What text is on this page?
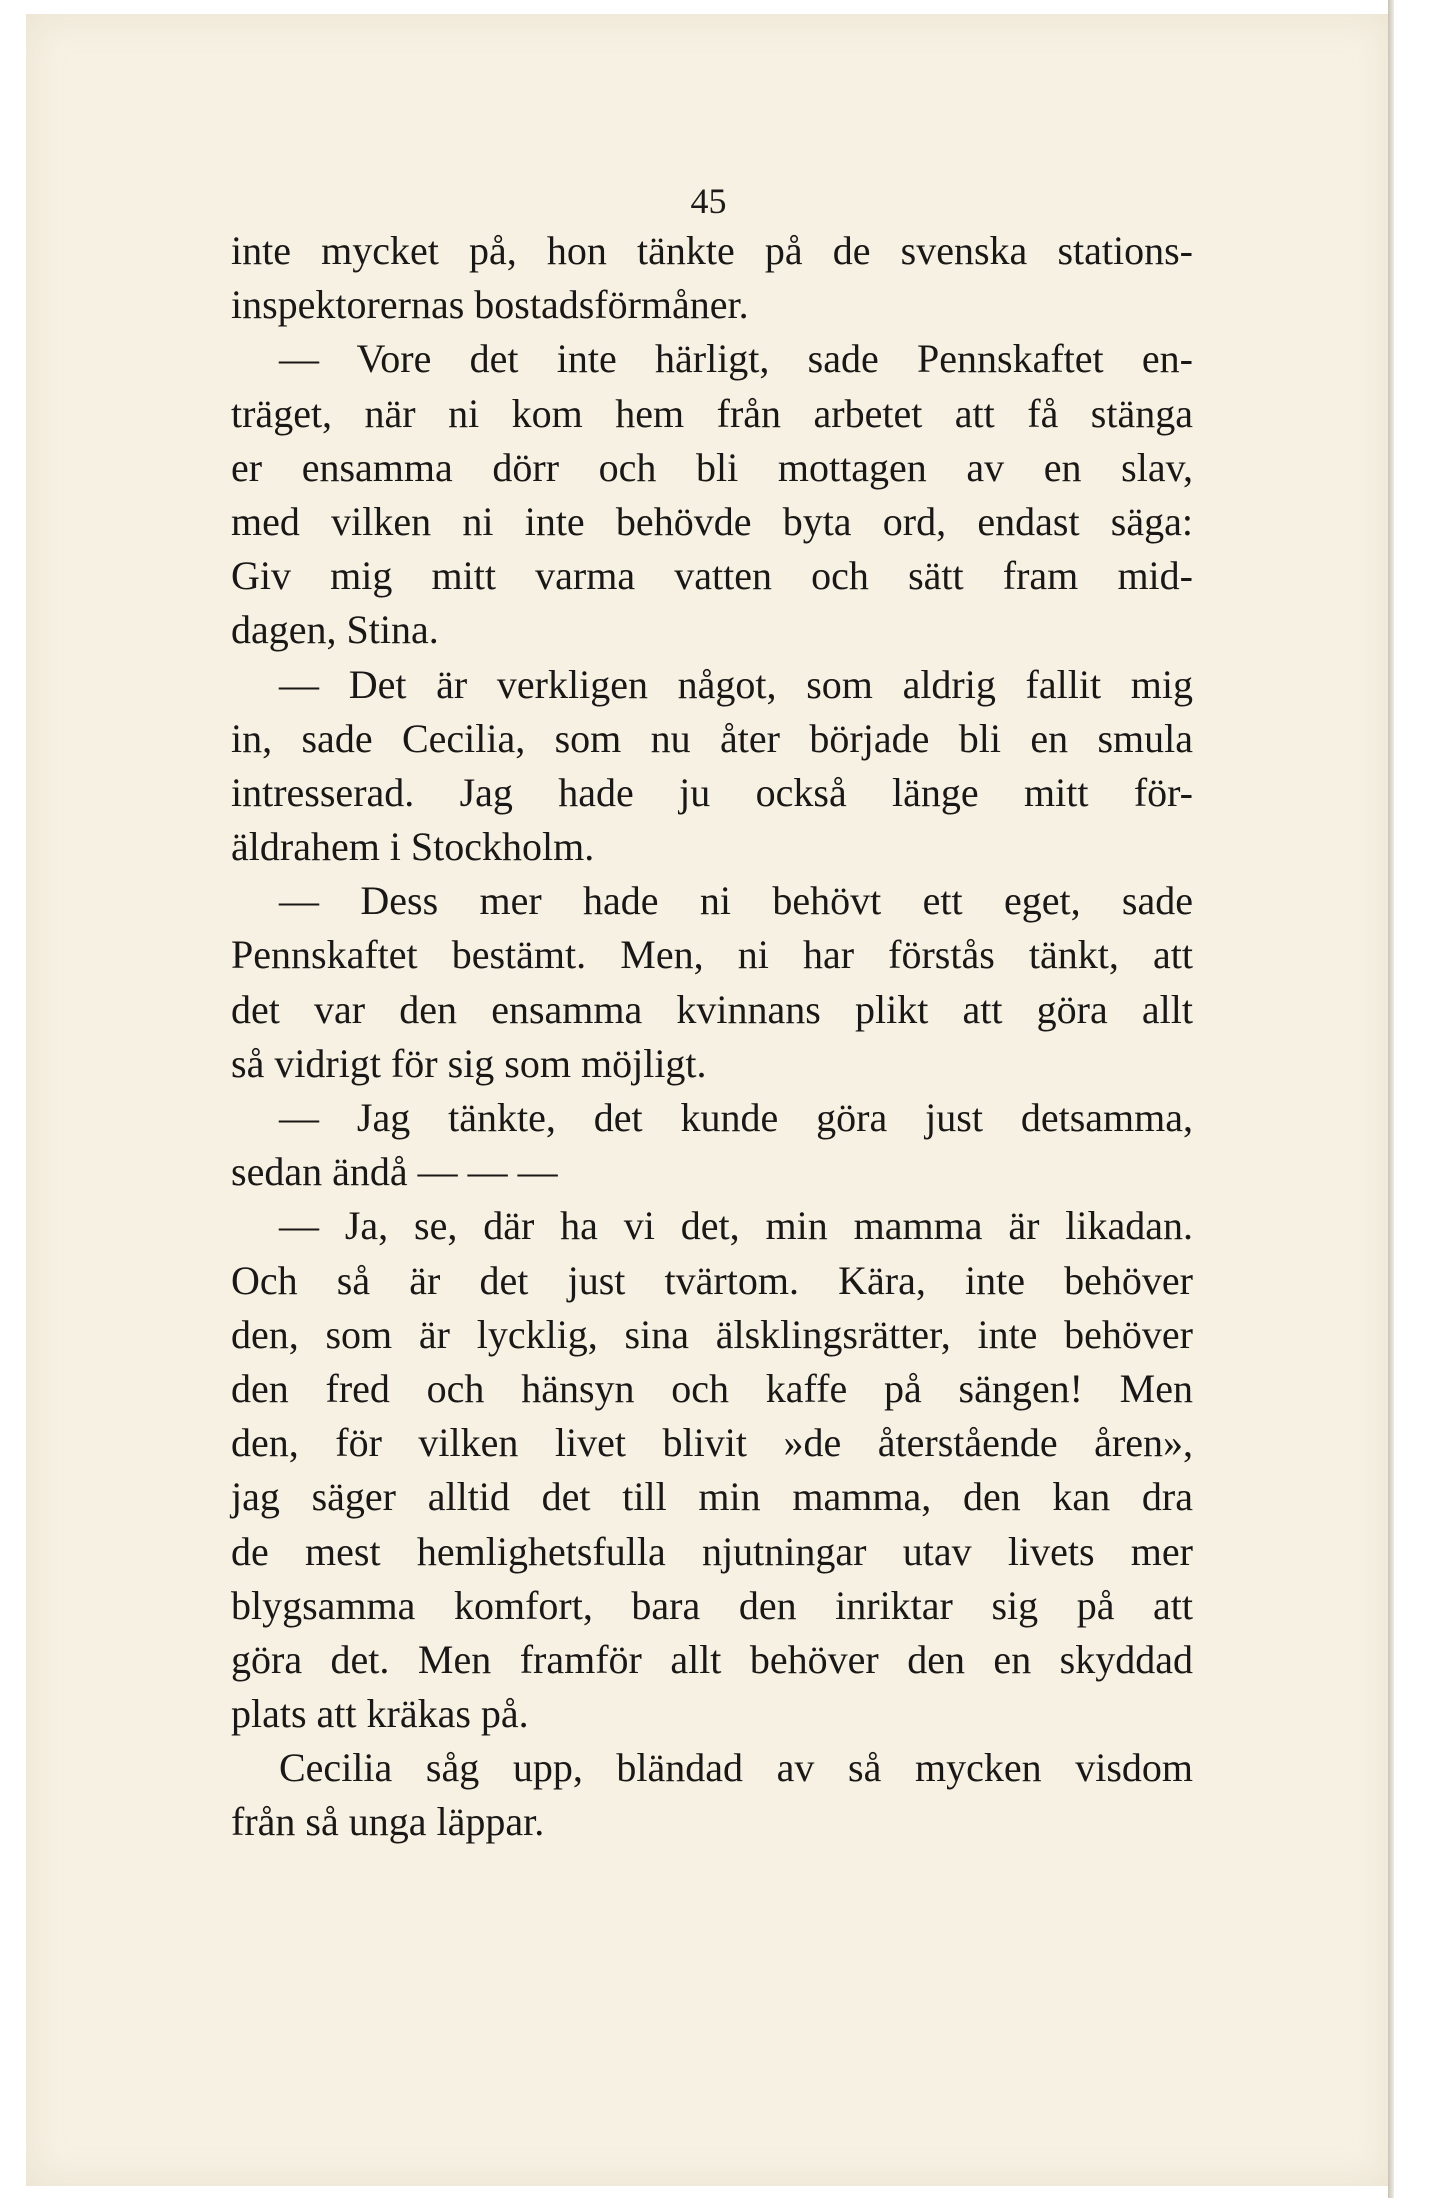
45
inte mycket på, hon tänkte på de svenska stations-
inspektorernas bostadsförmåner.
— Vore det inte härligt, sade Pennskaftet en-
träget, när ni kom hem från arbetet att få stänga
er ensamma dörr och bli mottagen av en slav,
med vilken ni inte behövde byta ord, endast säga:
Giv mig mitt varma vatten och sätt fram mid-
dagen, Stina.
— Det är verkligen något, som aldrig fallit mig
in, sade Cecilia, som nu åter började bli en smula
intresserad. Jag hade ju också länge mitt för-
äldrahem i Stockholm.
— Dess mer hade ni behövt ett eget, sade
Pennskaftet bestämt. Men, ni har förstås tänkt, att
det var den ensamma kvinnans plikt att göra allt
så vidrigt för sig som möjligt.
— Jag tänkte, det kunde göra just detsamma,
sedan ändå — — —
— Ja, se, där ha vi det, min mamma är likadan.
Och så är det just tvärtom. Kära, inte behöver
den, som är lycklig, sina älsklingsrätter, inte behöver
den fred och hänsyn och kaffe på sängen! Men
den, för vilken livet blivit »de återstående åren»,
jag säger alltid det till min mamma, den kan dra
de mest hemlighetsfulla njutningar utav livets mer
blygsamma komfort, bara den inriktar sig på att
göra det. Men framför allt behöver den en skyddad
plats att kräkas på.
Cecilia såg upp, bländad av så mycken visdom
från så unga läppar.
